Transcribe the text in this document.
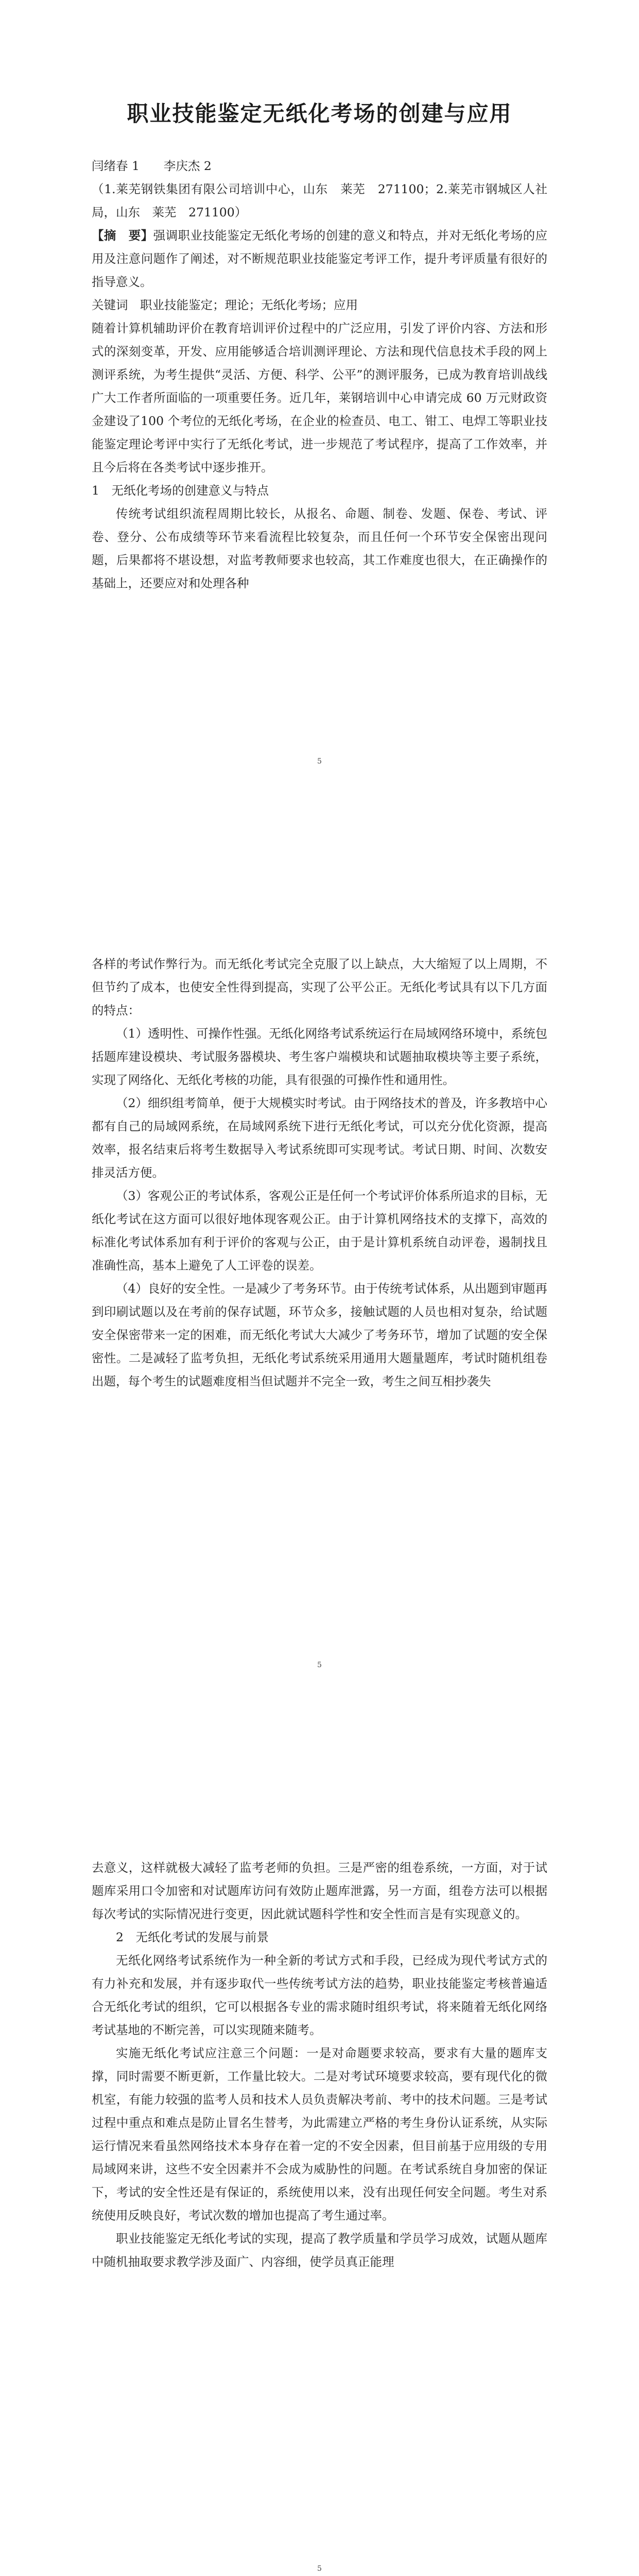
职业技能鉴定无纸化考场的创建与应用

闫绪春 1　　李庆杰 2

（1.莱芜钢铁集团有限公司培训中心，山东　莱芜　271100；2.莱芜市钢城区人社局，山东　莱芜　271100）

【摘　要】强调职业技能鉴定无纸化考场的创建的意义和特点，并对无纸化考场的应用及注意问题作了阐述，对不断规范职业技能鉴定考评工作，提升考评质量有很好的指导意义。

关键词　职业技能鉴定；理论；无纸化考场；应用

随着计算机辅助评价在教育培训评价过程中的广泛应用，引发了评价内容、方法和形式的深刻变革，开发、应用能够适合培训测评理论、方法和现代信息技术手段的网上测评系统，为考生提供“灵活、方便、科学、公平”的测评服务，已成为教育培训战线广大工作者所面临的一项重要任务。近几年，莱钢培训中心申请完成 60 万元财政资金建设了100 个考位的无纸化考场，在企业的检查员、电工、钳工、电焊工等职业技能鉴定理论考评中实行了无纸化考试，进一步规范了考试程序，提高了工作效率，并且今后将在各类考试中逐步推开。

1　无纸化考场的创建意义与特点

传统考试组织流程周期比较长，从报名、命题、制卷、发题、保卷、考试、评卷、登分、公布成绩等环节来看流程比较复杂，而且任何一个环节安全保密出现问题，后果都将不堪设想，对监考教师要求也较高，其工作难度也很大，在正确操作的基础上，还要应对和处理各种

5

各样的考试作弊行为。而无纸化考试完全克服了以上缺点，大大缩短了以上周期，不但节约了成本，也使安全性得到提高，实现了公平公正。无纸化考试具有以下几方面的特点：

（1）透明性、可操作性强。无纸化网络考试系统运行在局域网络环境中，系统包括题库建设模块、考试服务器模块、考生客户端模块和试题抽取模块等主要子系统，实现了网络化、无纸化考核的功能，具有很强的可操作性和通用性。

（2）细织组考简单，便于大规模实时考试。由于网络技术的普及，许多教培中心都有自己的局域网系统，在局域网系统下进行无纸化考试，可以充分优化资源，提高效率，报名结束后将考生数据导入考试系统即可实现考试。考试日期、时间、次数安排灵活方便。

（3）客观公正的考试体系，客观公正是任何一个考试评价体系所追求的目标，无纸化考试在这方面可以很好地体现客观公正。由于计算机网络技术的支撑下，高效的标准化考试体系加有利于评价的客观与公正，由于是计算机系统自动评卷，遏制找且准确性高，基本上避免了人工评卷的误差。

（4）良好的安全性。一是减少了考务环节。由于传统考试体系，从出题到审题再到印刷试题以及在考前的保存试题，环节众多，接触试题的人员也相对复杂，给试题安全保密带来一定的困难，而无纸化考试大大减少了考务环节，增加了试题的安全保密性。二是减轻了监考负担，无纸化考试系统采用通用大题量题库，考试时随机组卷出题，每个考生的试题难度相当但试题并不完全一致，考生之间互相抄袭失

5

去意义，这样就极大减轻了监考老师的负担。三是严密的组卷系统，一方面，对于试题库采用口令加密和对试题库访问有效防止题库泄露，另一方面，组卷方法可以根据每次考试的实际情况进行变更，因此就试题科学性和安全性而言是有实现意义的。

2　无纸化考试的发展与前景

无纸化网络考试系统作为一种全新的考试方式和手段，已经成为现代考试方式的有力补充和发展，并有逐步取代一些传统考试方法的趋势，职业技能鉴定考核普遍适合无纸化考试的组织，它可以根据各专业的需求随时组织考试，将来随着无纸化网络考试基地的不断完善，可以实现随来随考。

实施无纸化考试应注意三个问题：一是对命题要求较高，要求有大量的题库支撑，同时需要不断更新，工作量比较大。二是对考试环境要求较高，要有现代化的微机室，有能力较强的监考人员和技术人员负责解决考前、考中的技术问题。三是考试过程中重点和难点是防止冒名生替考，为此需建立严格的考生身份认证系统，从实际运行情况来看虽然网络技术本身存在着一定的不安全因素，但目前基于应用级的专用局域网来讲，这些不安全因素并不会成为威胁性的问题。在考试系统自身加密的保证下，考试的安全性还是有保证的，系统使用以来，没有出现任何安全问题。考生对系统使用反映良好，考试次数的增加也提高了考生通过率。

职业技能鉴定无纸化考试的实现，提高了教学质量和学员学习成效，试题从题库中随机抽取要求教学涉及面广、内容细，使学员真正能理

5
